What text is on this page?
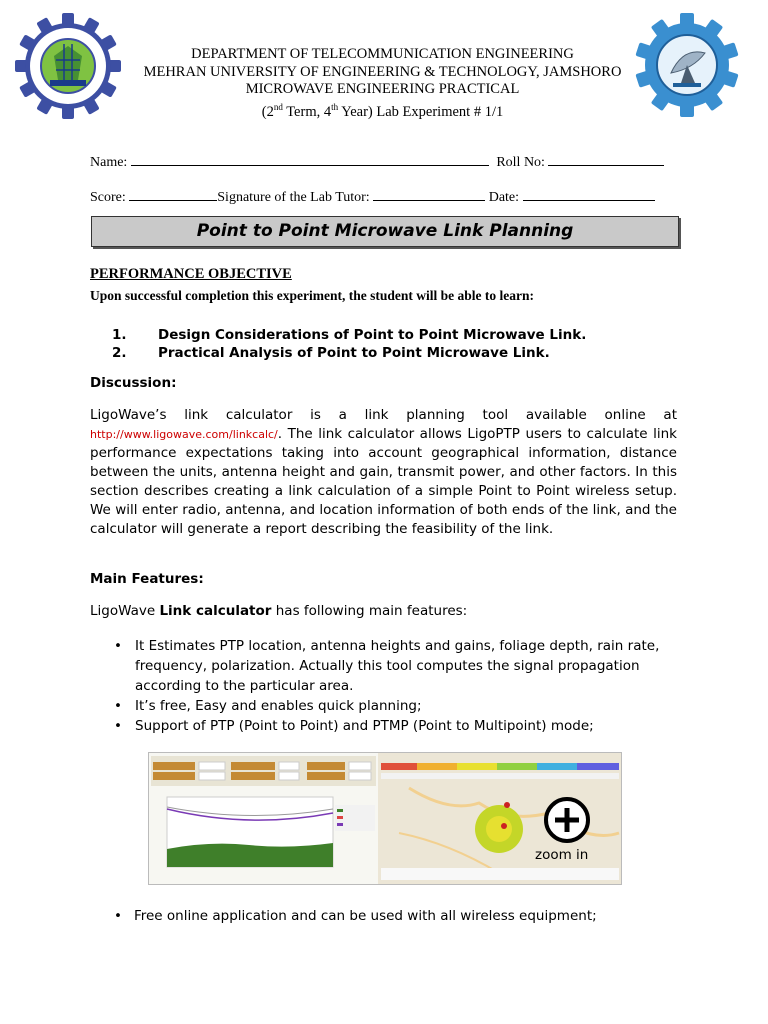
DEPARTMENT OF TELECOMMUNICATION ENGINEERING
MEHRAN UNIVERSITY OF ENGINEERING & TECHNOLOGY, JAMSHORO
MICROWAVE ENGINEERING PRACTICAL
(2nd Term, 4th Year) Lab Experiment # 1/1
Name:	Roll No:
Score:	Signature of the Lab Tutor:	Date:
Point to Point Microwave Link Planning
PERFORMANCE OBJECTIVE
Upon successful completion this experiment, the student will be able to learn:
1. Design Considerations of Point to Point Microwave Link.
2. Practical Analysis of Point to Point Microwave Link.
Discussion:
LigoWave’s link calculator is a link planning tool available online at http://www.ligowave.com/linkcalc/. The link calculator allows LigoPTP users to calculate link performance expectations taking into account geographical information, distance between the units, antenna height and gain, transmit power, and other factors. In this section describes creating a link calculation of a simple Point to Point wireless setup. We will enter radio, antenna, and location information of both ends of the link, and the calculator will generate a report describing the feasibility of the link.
Main Features:
LigoWave Link calculator has following main features:
• It Estimates PTP location, antenna heights and gains, foliage depth, rain rate, frequency, polarization. Actually this tool computes the signal propagation according to the particular area.
• It’s free, Easy and enables quick planning;
• Support of PTP (Point to Point) and PTMP (Point to Multipoint) mode;
zoom in
• Free online application and can be used with all wireless equipment;
